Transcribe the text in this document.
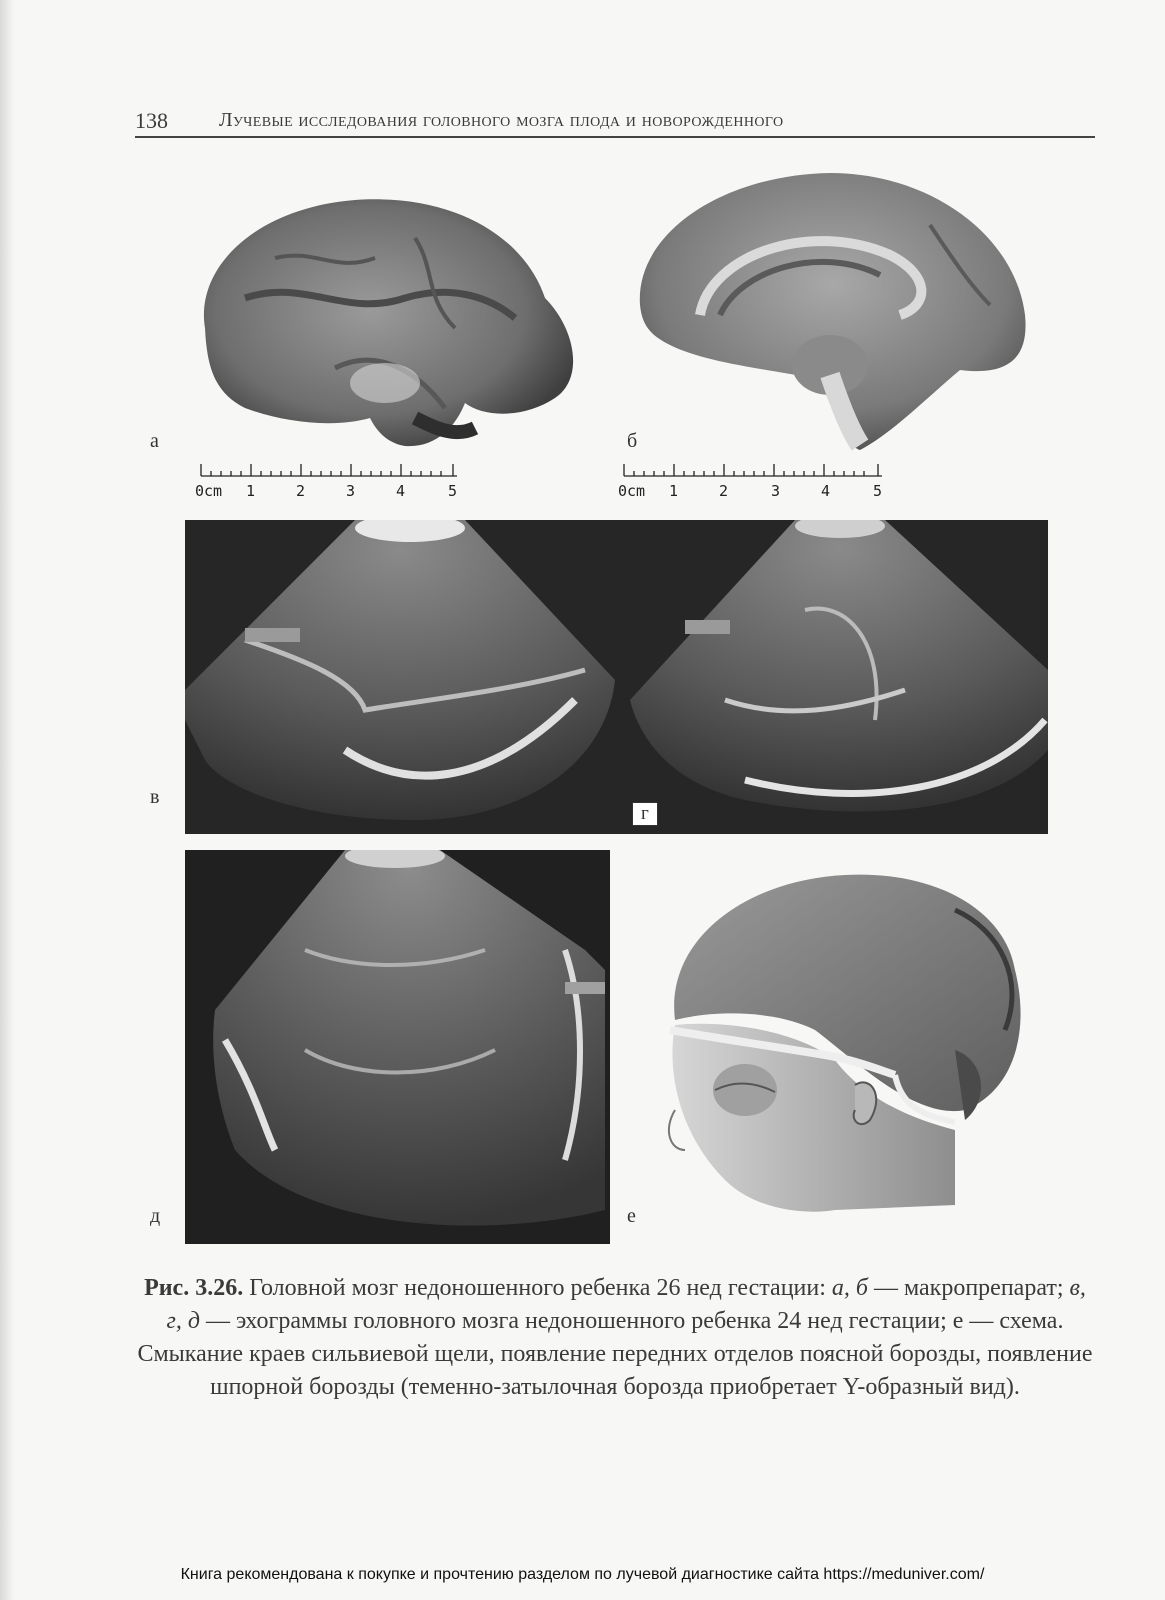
138	Лучевые исследования головного мозга плода и новорожденного
а	б
0cm 1	2	3	4	5	0cm 1	2	3	4	5
в
г
д	е
Рис. 3.26. Головной мозг недоношенного ребенка 26 нед гестации: а, б — макропрепарат; в, г, д — эхограммы головного мозга недоношенного ребенка 24 нед гестации; е — схема. Смыкание краев сильвиевой щели, появление передних отделов поясной борозды, появление шпорной борозды (теменно-затылочная борозда приобретает Y-образный вид).
Книга рекомендована к покупке и прочтению разделом по лучевой диагностике сайта https://meduniver.com/
